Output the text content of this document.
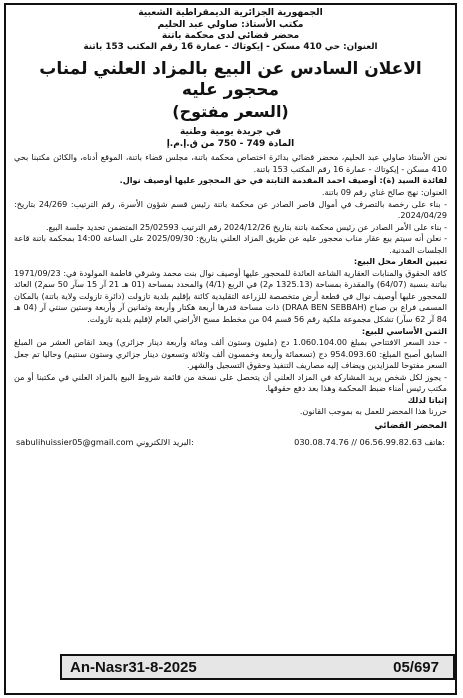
الجمهورية الجزائرية الديمقراطية الشعبية
مكتب الأستاذ: صاولي عبد الحليم
محضر قضائي لدى محكمة باتنة
العنوان: حي 410 مسكن - إيكوتاك - عمارة 16 رقم المكتب 153 باتنة
الاعلان السادس عن البيع بالمزاد العلني لمناب محجور عليه
(السعر مفتوح)
في جريدة يومية وطنية
المادة 749 - 750 من ق.إ.م.إ

نحن الأستاذ صاولي عبد الحليم، محضر قضائي بدائرة اختصاص محكمة باتنة، مجلس قضاء باتنة، الموقع أدناه، والكائن مكتبنا بحي 410 مسكن - إيكوتاك - عمارة 16 رقم المكتب 153 باتنة.

لفائدة السيد (ة): أوصيف احمد المقدمة الثابتة في حق المحجور عليها أوصيف نوال.

العنوان: نهج صالح غناي رقم 09 باتنة.

- بناء على رخصة بالتصرف في أموال قاصر الصادر عن محكمة باتنة رئيس قسم شؤون الأسرة، رقم الترتيب: 24/269 بتاريخ: 2024/04/29.

- بناء على الأمر الصادر عن رئيس محكمة باتنة بتاريخ 2024/12/26 رقم الترتيب 25/02593 المتضمن تحديد جلسة البيع.

- نعلن أنه سيتم بيع عقار مناب محجور عليه عن طريق المزاد العلني بتاريخ: 2025/09/30 على الساعة 14:00 بمحكمة باتنة قاعة الجلسات المدنية.

تعيين العقار محل البيع:

كافة الحقوق والمنابات العقارية الشاعة العائدة للمحجور عليها أوصيف نوال بنت محمد وشرقي فاطمة المولودة في: 1971/09/23 بباتنة بنسبة (64/07) والمقدرة بمساحة (1325.13 م2) في الربع (4/1) والمحدد بمساحة (01 هـ 21 آر 15 سآر 50 سم2) العائد للمحجور عليها أوصيف نوال في قطعة أرض متخصصة للزراعة التقليدية كائنة بإقليم بلدية تازولت (دائرة تازولت ولاية باتنة) بالمكان المسمى فراع بن صباح (DRAA BEN SEBBAH) ذات مساحة قدرها أربعة هكتار وأربعة وثمانين آر وأربعة وستين سنتي آر (04 هـ 84 آر 62 سآر) تشكل مجموعة ملكية رقم 56 قسم 04 من مخطط مسح الأراضي العام لإقليم بلدية تازولت.

الثمن الأساسي للبيع:

- حدد السعر الافتتاحي بمبلغ 1.060.104.00 دج (مليون وستون ألف ومائة وأربعة دينار جزائري) ويعد انقاص العشر من المبلغ السابق أصبح المبلغ: 954.093.60 دج (تسعمائة وأربعة وخمسون ألف وثلاثة وتسعون دينار جزائري وستون سنتيم) وحاليا تم جعل السعر مفتوحا للمزايدين ويضاف إليه مصاريف التنفيذ وحقوق التسجيل والشهر.

- يجوز لكل شخص يريد المشاركة في المزاد العلني أن يتحصل على نسخة من قائمة شروط البيع بالمزاد العلني في مكتبنا أو من مكتب رئيس أمناء ضبط المحكمة وهذا بعد دفع حقوقها.

إثباتا لذلك

حررنا هذا المحضر للعمل به بموجب القانون.

المحضر القضائي
sabulihuissier05@gmail.com البريد الالكتروني:	030.08.74.76 // 06.56.99.82.63 هاتف:
An-Nasr31-8-2025	05/697
